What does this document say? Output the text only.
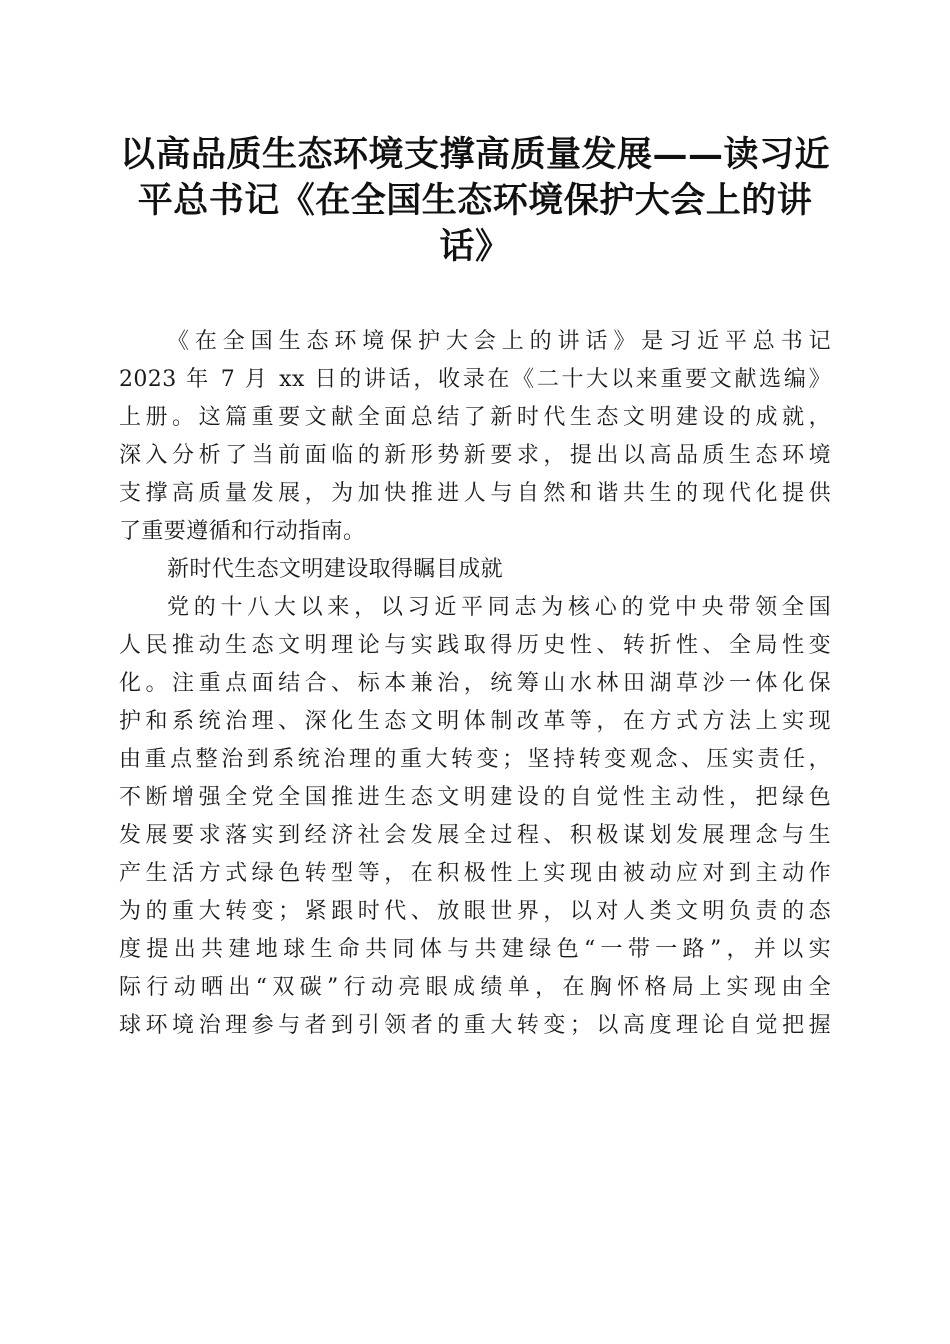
以高品质生态环境支撑高质量发展——读习近
平总书记《在全国生态环境保护大会上的讲
话》
《在全国生态环境保护大会上的讲话》是习近平总书记
2023 年 7 月 xx 日的讲话，收录在《二十大以来重要文献选编》
上册。这篇重要文献全面总结了新时代生态文明建设的成就，
深入分析了当前面临的新形势新要求，提出以高品质生态环境
支撑高质量发展，为加快推进人与自然和谐共生的现代化提供
了重要遵循和行动指南。
新时代生态文明建设取得瞩目成就
党的十八大以来，以习近平同志为核心的党中央带领全国
人民推动生态文明理论与实践取得历史性、转折性、全局性变
化。注重点面结合、标本兼治，统筹山水林田湖草沙一体化保
护和系统治理、深化生态文明体制改革等，在方式方法上实现
由重点整治到系统治理的重大转变；坚持转变观念、压实责任，
不断增强全党全国推进生态文明建设的自觉性主动性，把绿色
发展要求落实到经济社会发展全过程、积极谋划发展理念与生
产生活方式绿色转型等，在积极性上实现由被动应对到主动作
为的重大转变；紧跟时代、放眼世界，以对人类文明负责的态
度提出共建地球生命共同体与共建绿色“一带一路”，并以实
际行动晒出“双碳”行动亮眼成绩单，在胸怀格局上实现由全
球环境治理参与者到引领者的重大转变；以高度理论自觉把握
